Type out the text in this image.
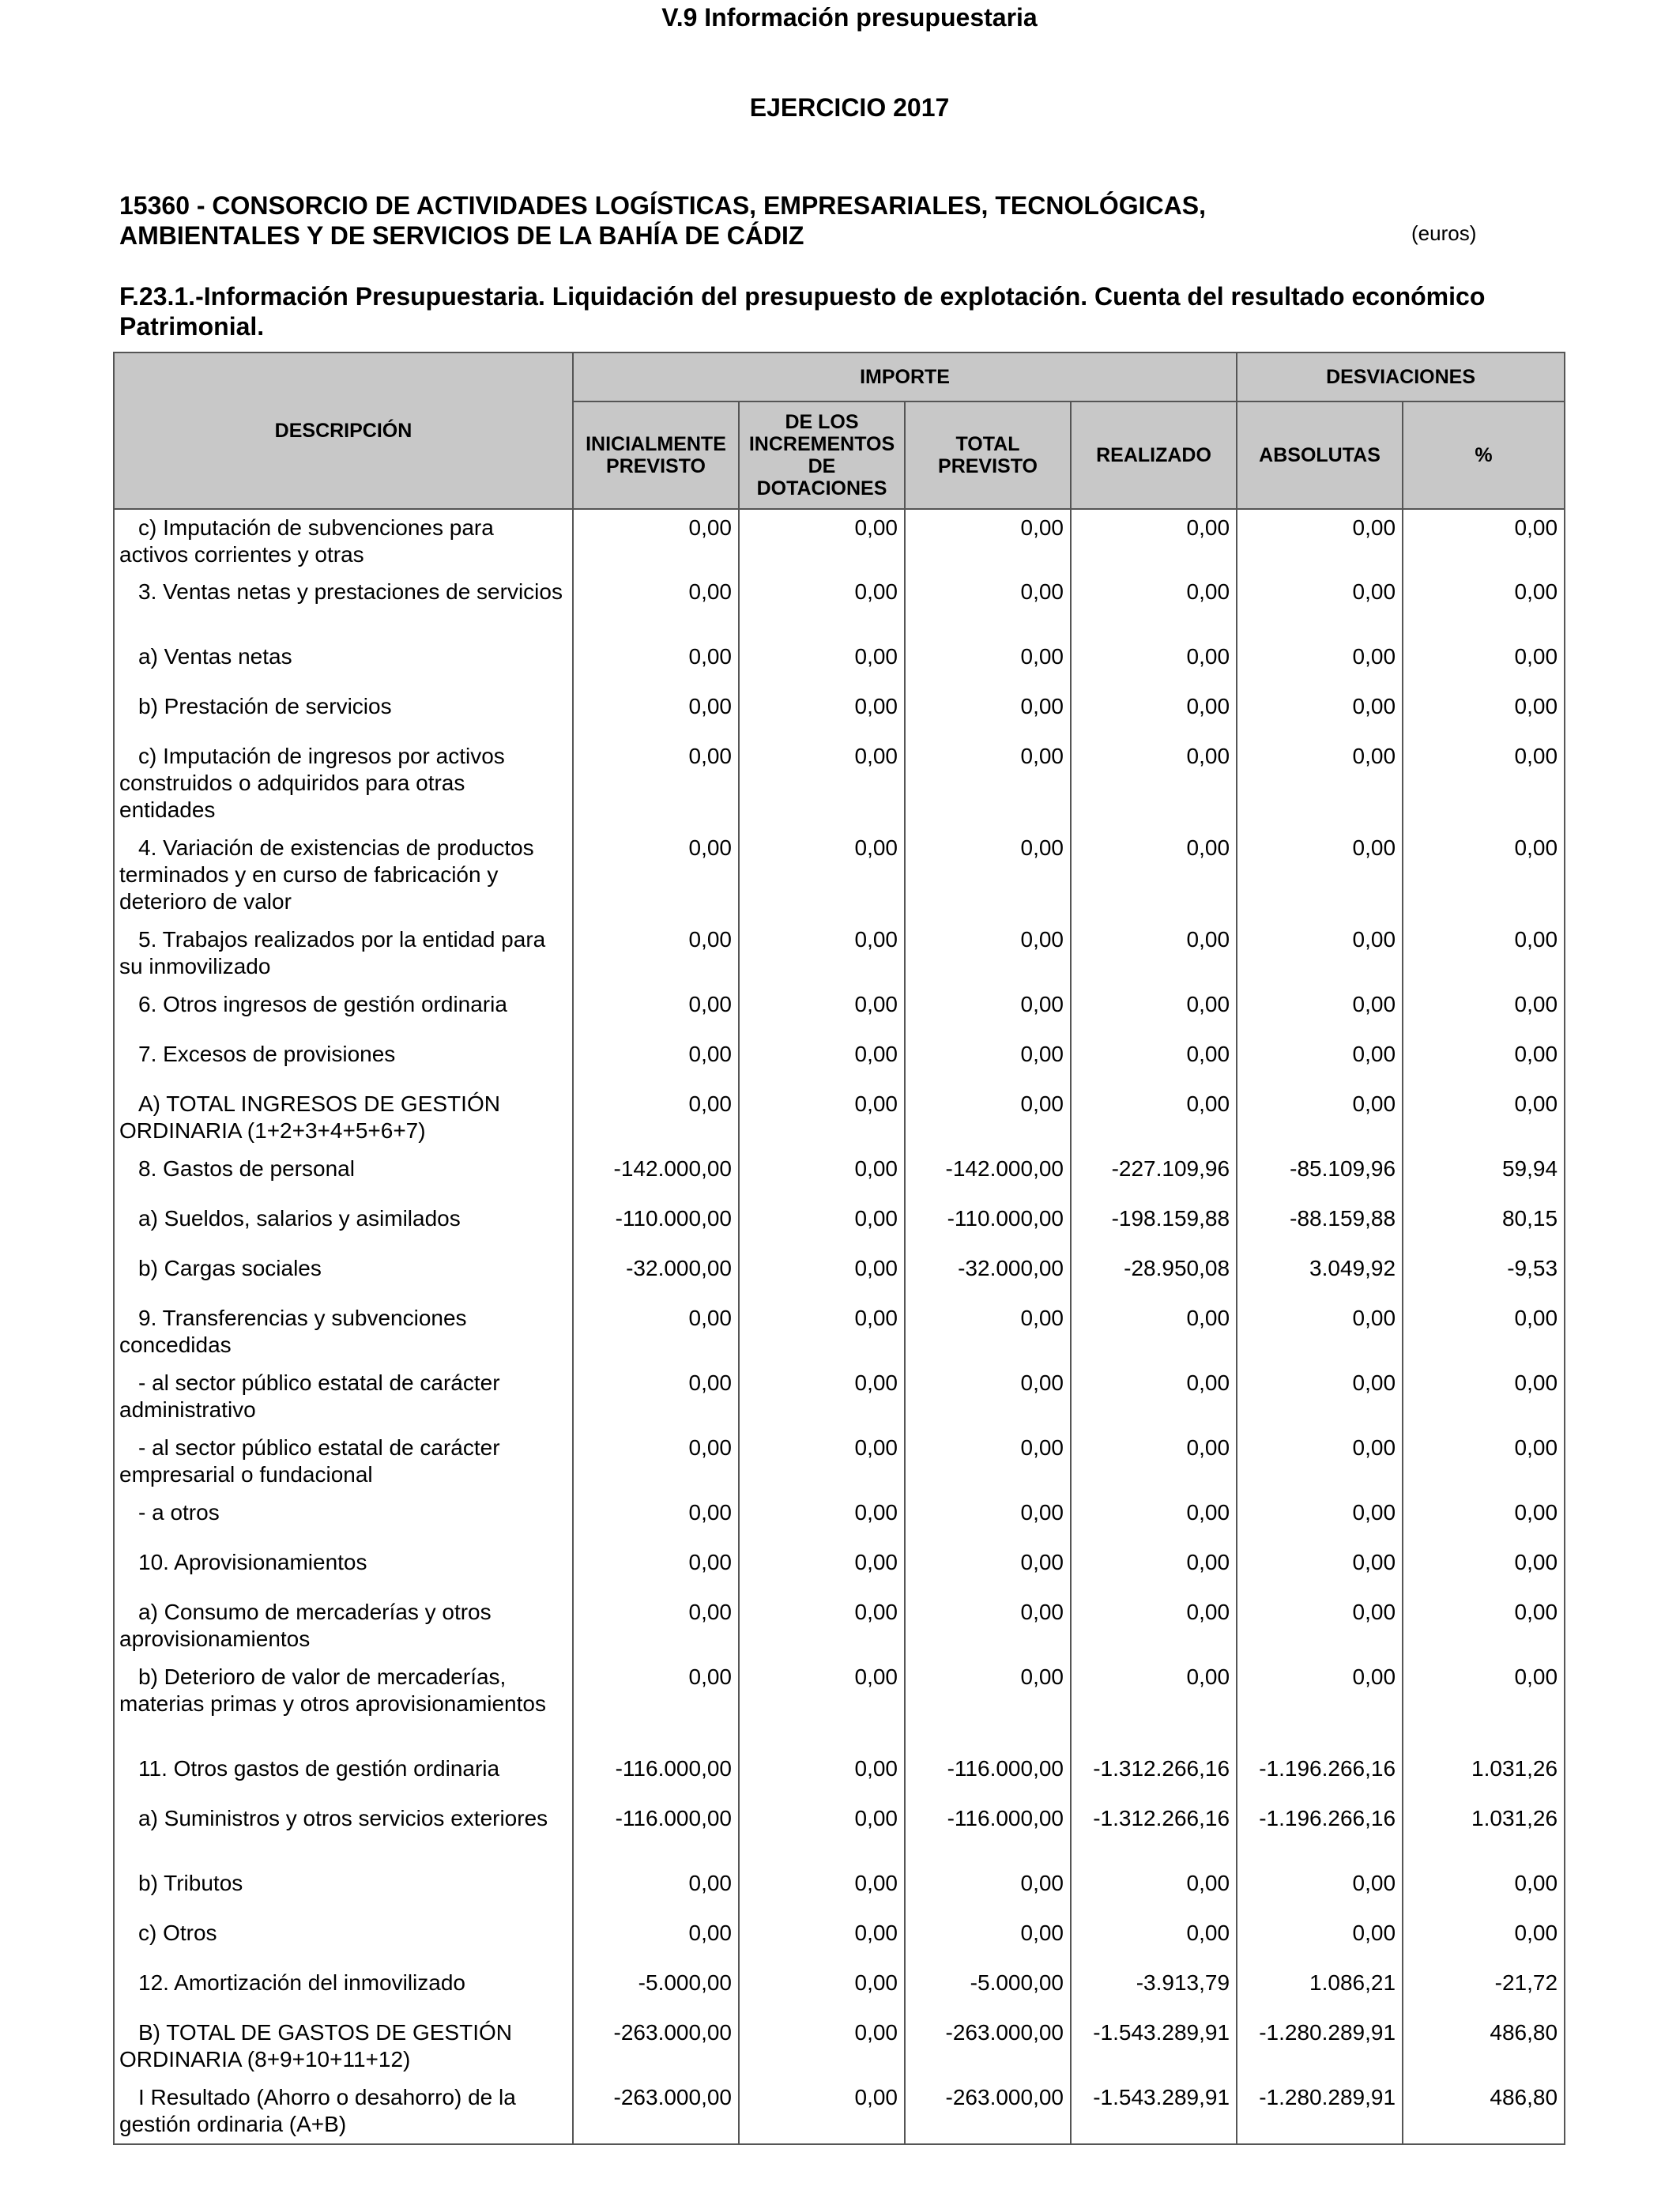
V.9 Información presupuestaria
EJERCICIO 2017
15360 - CONSORCIO DE ACTIVIDADES LOGÍSTICAS, EMPRESARIALES, TECNOLÓGICAS,
AMBIENTALES Y DE SERVICIOS DE LA BAHÍA DE CÁDIZ	(euros)
F.23.1.-Información Presupuestaria. Liquidación del presupuesto de explotación. Cuenta del resultado económico Patrimonial.
DESCRIPCIÓN	IMPORTE				DESVIACIONES	
	INICIALMENTE PREVISTO	DE LOS INCREMENTOS DE DOTACIONES	TOTAL PREVISTO	REALIZADO	ABSOLUTAS	%
c) Imputación de subvenciones para activos corrientes y otras	0,00	0,00	0,00	0,00	0,00	0,00
3. Ventas netas y prestaciones de servicios	0,00	0,00	0,00	0,00	0,00	0,00
a) Ventas netas	0,00	0,00	0,00	0,00	0,00	0,00
b) Prestación de servicios	0,00	0,00	0,00	0,00	0,00	0,00
c) Imputación de ingresos por activos construidos o adquiridos para otras entidades	0,00	0,00	0,00	0,00	0,00	0,00
4. Variación de existencias de productos terminados y en curso de fabricación y deterioro de valor	0,00	0,00	0,00	0,00	0,00	0,00
5. Trabajos realizados por la entidad para su inmovilizado	0,00	0,00	0,00	0,00	0,00	0,00
6. Otros ingresos de gestión ordinaria	0,00	0,00	0,00	0,00	0,00	0,00
7. Excesos de provisiones	0,00	0,00	0,00	0,00	0,00	0,00
A) TOTAL INGRESOS DE GESTIÓN ORDINARIA (1+2+3+4+5+6+7)	0,00	0,00	0,00	0,00	0,00	0,00
8. Gastos de personal	-142.000,00	0,00	-142.000,00	-227.109,96	-85.109,96	59,94
a) Sueldos, salarios y asimilados	-110.000,00	0,00	-110.000,00	-198.159,88	-88.159,88	80,15
b) Cargas sociales	-32.000,00	0,00	-32.000,00	-28.950,08	3.049,92	-9,53
9. Transferencias y subvenciones concedidas	0,00	0,00	0,00	0,00	0,00	0,00
- al sector público estatal de carácter administrativo	0,00	0,00	0,00	0,00	0,00	0,00
- al sector público estatal de carácter empresarial o fundacional	0,00	0,00	0,00	0,00	0,00	0,00
- a otros	0,00	0,00	0,00	0,00	0,00	0,00
10. Aprovisionamientos	0,00	0,00	0,00	0,00	0,00	0,00
a) Consumo de mercaderías y otros aprovisionamientos	0,00	0,00	0,00	0,00	0,00	0,00
b) Deterioro de valor de mercaderías, materias primas y otros aprovisionamientos	0,00	0,00	0,00	0,00	0,00	0,00
11. Otros gastos de gestión ordinaria	-116.000,00	0,00	-116.000,00	-1.312.266,16	-1.196.266,16	1.031,26
a) Suministros y otros servicios exteriores	-116.000,00	0,00	-116.000,00	-1.312.266,16	-1.196.266,16	1.031,26
b) Tributos	0,00	0,00	0,00	0,00	0,00	0,00
c) Otros	0,00	0,00	0,00	0,00	0,00	0,00
12. Amortización del inmovilizado	-5.000,00	0,00	-5.000,00	-3.913,79	1.086,21	-21,72
B) TOTAL DE GASTOS DE GESTIÓN ORDINARIA (8+9+10+11+12)	-263.000,00	0,00	-263.000,00	-1.543.289,91	-1.280.289,91	486,80
I Resultado (Ahorro o desahorro) de la gestión ordinaria (A+B)	-263.000,00	0,00	-263.000,00	-1.543.289,91	-1.280.289,91	486,80
